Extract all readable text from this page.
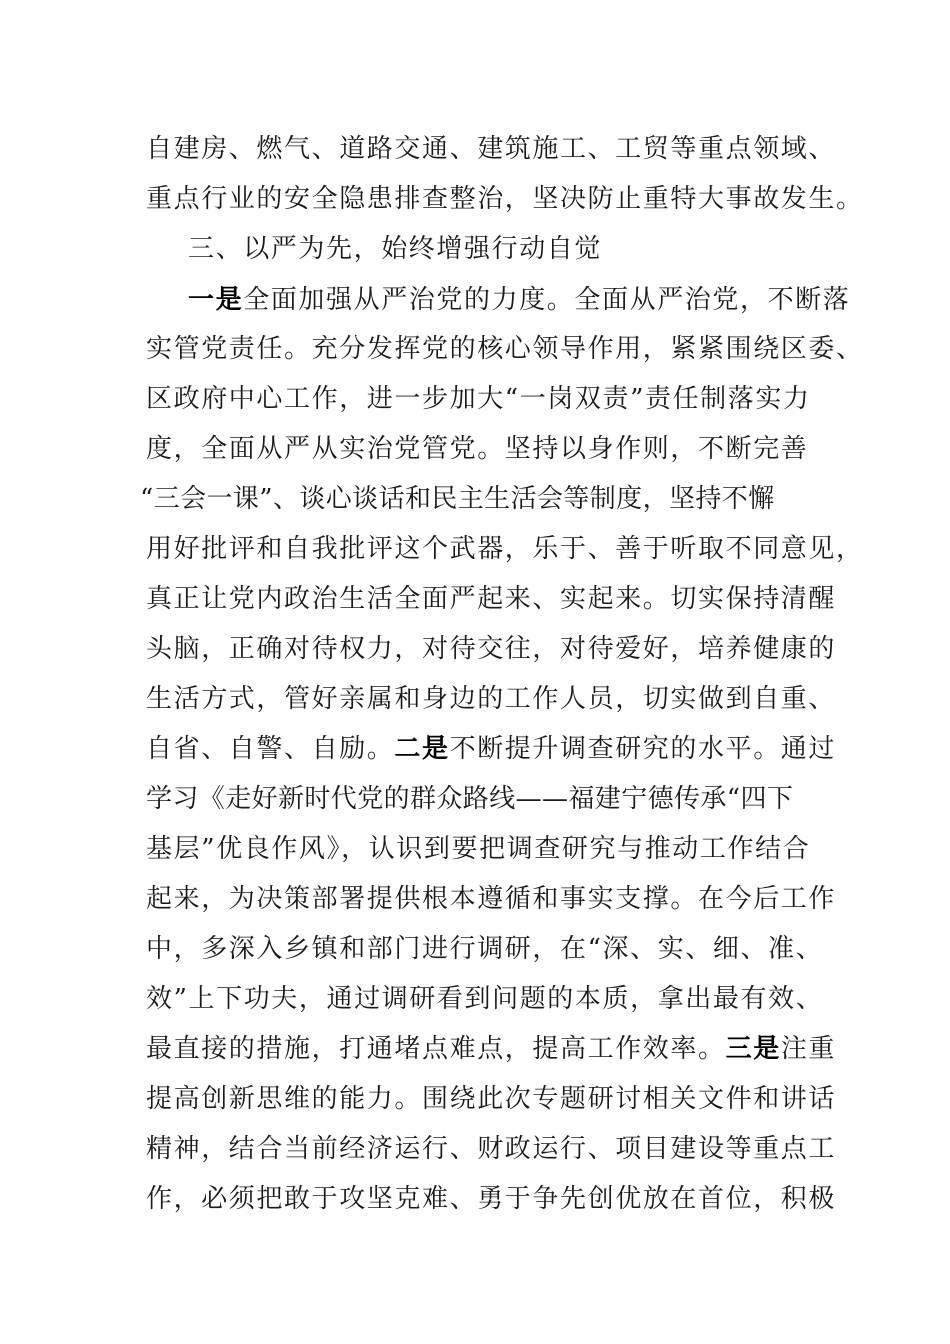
自建房、燃气、道路交通、建筑施工、工贸等重点领域、
重点行业的安全隐患排查整治，坚决防止重特大事故发生。
三、以严为先，始终增强行动自觉
一是全面加强从严治党的力度。全面从严治党，不断落
实管党责任。充分发挥党的核心领导作用，紧紧围绕区委、
区政府中心工作，进一步加大“一岗双责”责任制落实力
度，全面从严从实治党管党。坚持以身作则，不断完善
“三会一课”、谈心谈话和民主生活会等制度，坚持不懈
用好批评和自我批评这个武器，乐于、善于听取不同意见，
真正让党内政治生活全面严起来、实起来。切实保持清醒
头脑，正确对待权力，对待交往，对待爱好，培养健康的
生活方式，管好亲属和身边的工作人员，切实做到自重、
自省、自警、自励。二是不断提升调查研究的水平。通过
学习《走好新时代党的群众路线——福建宁德传承“四下
基层”优良作风》，认识到要把调查研究与推动工作结合
起来，为决策部署提供根本遵循和事实支撑。在今后工作
中，多深入乡镇和部门进行调研，在“深、实、细、准、
效”上下功夫，通过调研看到问题的本质，拿出最有效、
最直接的措施，打通堵点难点，提高工作效率。三是注重
提高创新思维的能力。围绕此次专题研讨相关文件和讲话
精神，结合当前经济运行、财政运行、项目建设等重点工
作，必须把敢于攻坚克难、勇于争先创优放在首位，积极
